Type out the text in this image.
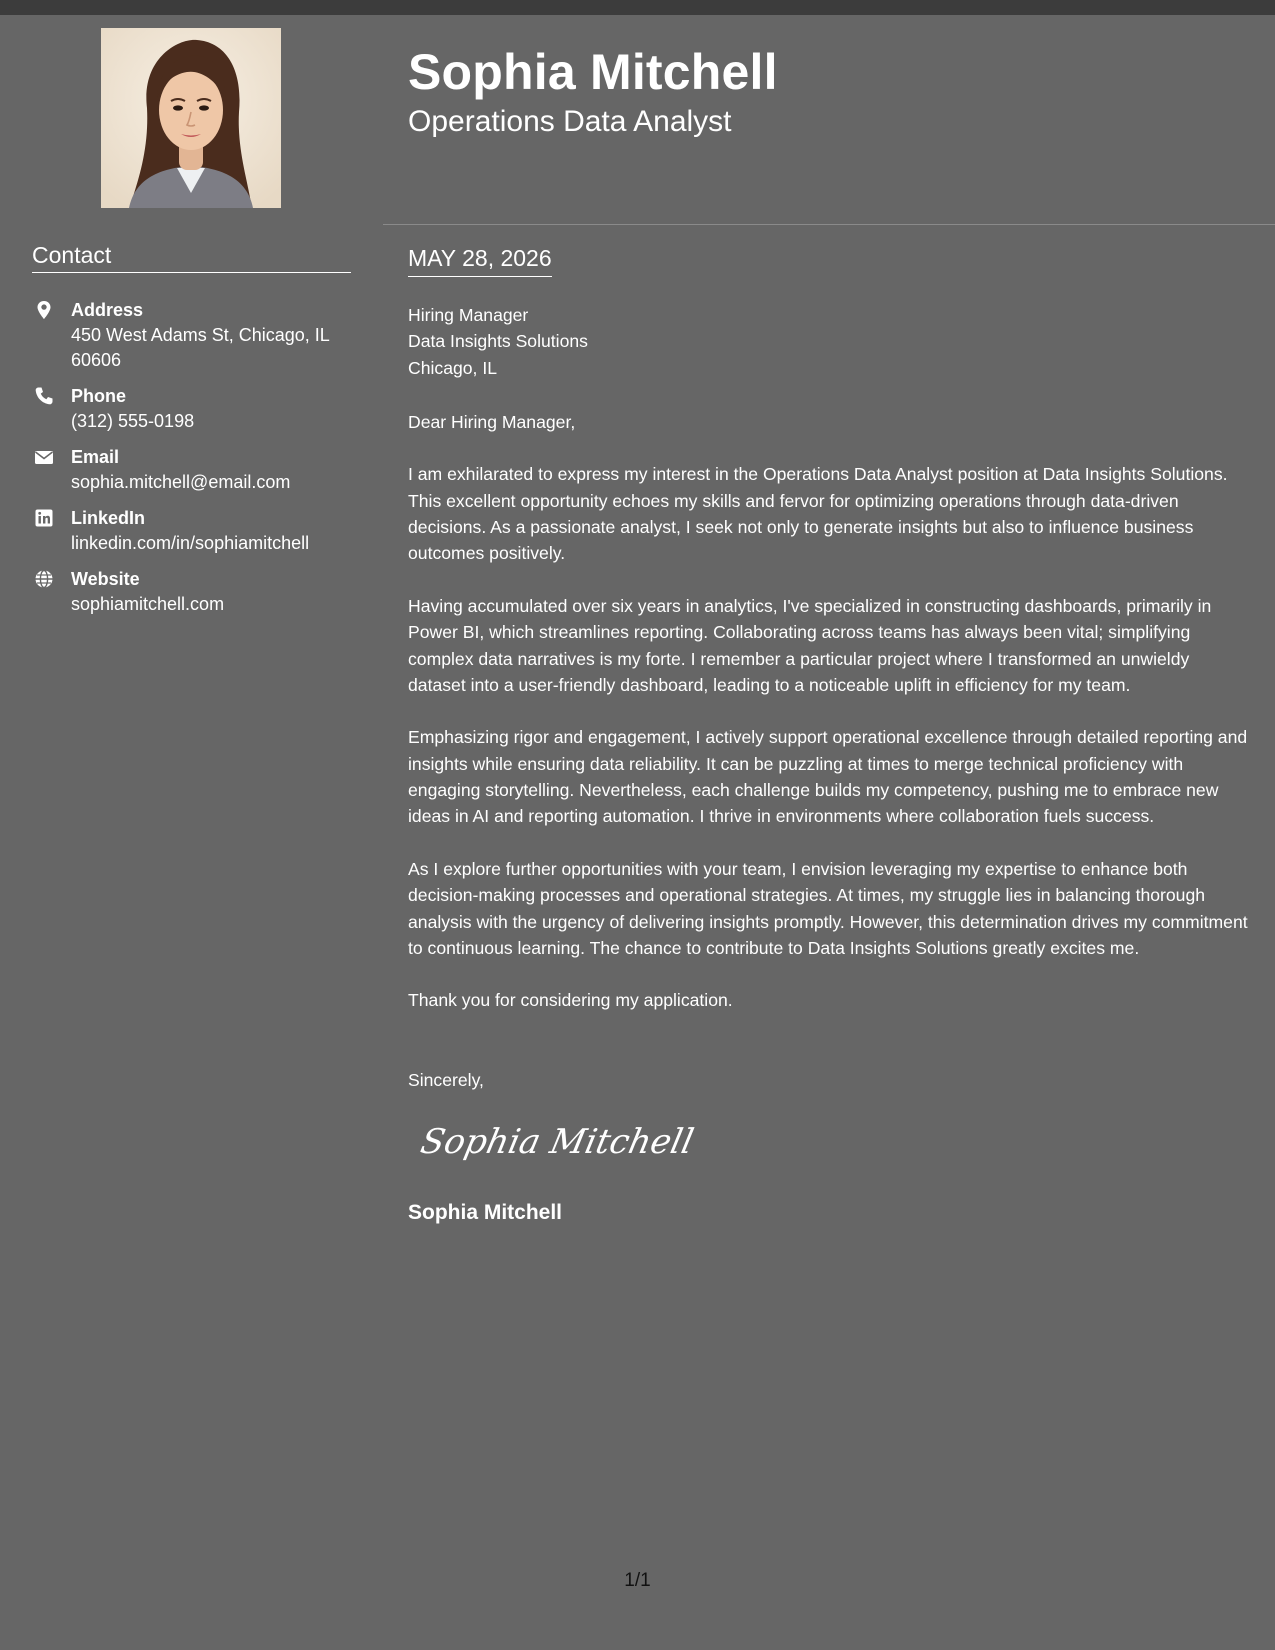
Contact
Address
450 West Adams St, Chicago, IL 60606
Phone
(312) 555-0198
Email
sophia.mitchell@email.com
LinkedIn
linkedin.com/in/sophiamitchell
Website
sophiamitchell.com
Sophia Mitchell
Operations Data Analyst
MAY 28, 2026
Hiring Manager
Data Insights Solutions
Chicago, IL

Dear Hiring Manager,

I am exhilarated to express my interest in the Operations Data Analyst position at Data Insights Solutions. This excellent opportunity echoes my skills and fervor for optimizing operations through data-driven decisions. As a passionate analyst, I seek not only to generate insights but also to influence business outcomes positively.

Having accumulated over six years in analytics, I've specialized in constructing dashboards, primarily in Power BI, which streamlines reporting. Collaborating across teams has always been vital; simplifying complex data narratives is my forte. I remember a particular project where I transformed an unwieldy dataset into a user-friendly dashboard, leading to a noticeable uplift in efficiency for my team.

Emphasizing rigor and engagement, I actively support operational excellence through detailed reporting and insights while ensuring data reliability. It can be puzzling at times to merge technical proficiency with engaging storytelling. Nevertheless, each challenge builds my competency, pushing me to embrace new ideas in AI and reporting automation. I thrive in environments where collaboration fuels success.

As I explore further opportunities with your team, I envision leveraging my expertise to enhance both decision-making processes and operational strategies. At times, my struggle lies in balancing thorough analysis with the urgency of delivering insights promptly. However, this determination drives my commitment to continuous learning. The chance to contribute to Data Insights Solutions greatly excites me.

Thank you for considering my application.

Sincerely,

Sophia Mitchell
Sophia Mitchell
1/1
